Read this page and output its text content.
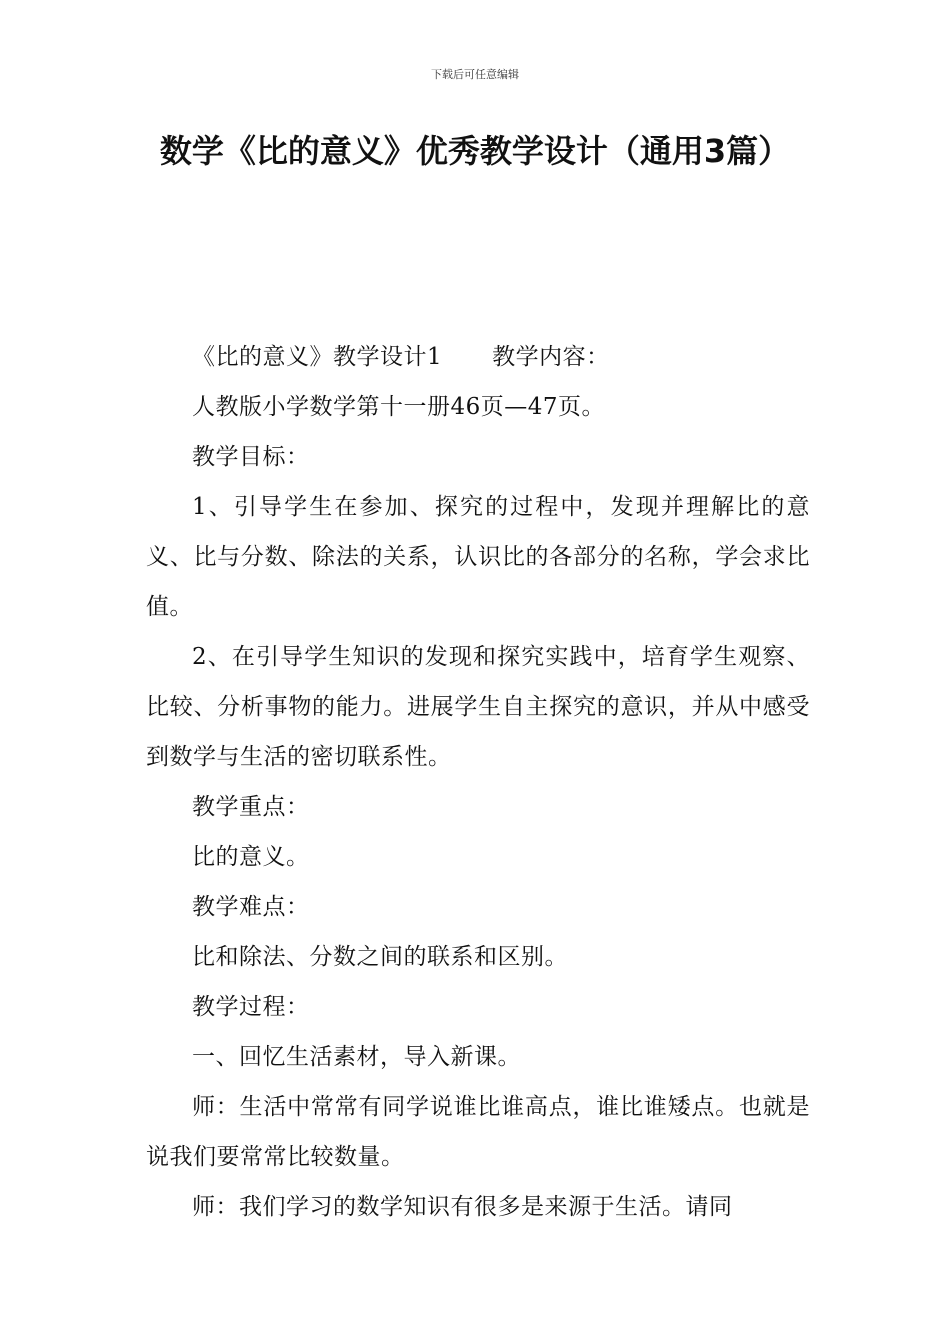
下载后可任意编辑
数学《比的意义》优秀教学设计（通用3篇）

《比的意义》教学设计1 教学内容：

人教版小学数学第十一册46页—47页。

教学目标：

1、引导学生在参加、探究的过程中，发现并理解比的意义、比与分数、除法的关系，认识比的各部分的名称，学会求比值。

2、在引导学生知识的发现和探究实践中，培育学生观察、比较、分析事物的能力。进展学生自主探究的意识，并从中感受到数学与生活的密切联系性。

教学重点：

比的意义。

教学难点：

比和除法、分数之间的联系和区别。

教学过程：

一、回忆生活素材，导入新课。

师：生活中常常有同学说谁比谁高点，谁比谁矮点。也就是说我们要常常比较数量。

师：我们学习的数学知识有很多是来源于生活。请同
